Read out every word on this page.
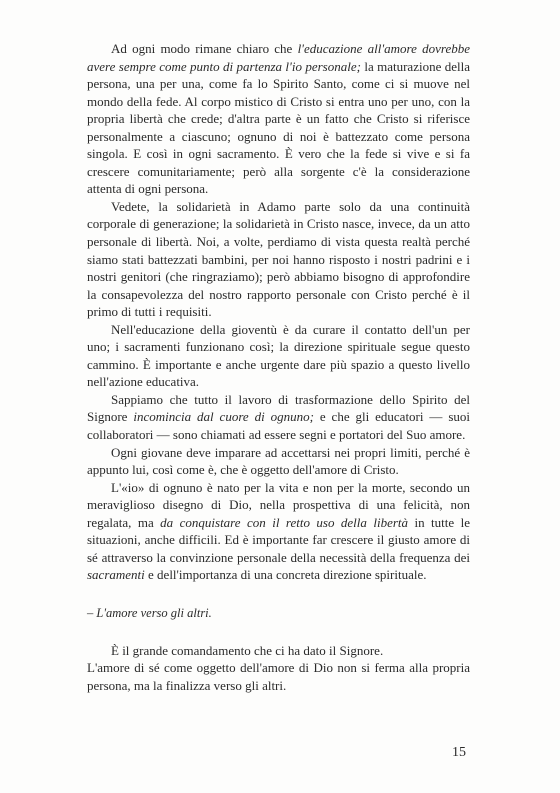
Ad ogni modo rimane chiaro che l'educazione all'amore dovrebbe avere sempre come punto di partenza l'io personale; la maturazione della persona, una per una, come fa lo Spirito Santo, come ci si muove nel mondo della fede. Al corpo mistico di Cristo si entra uno per uno, con la propria libertà che crede; d'altra parte è un fatto che Cristo si riferisce personalmente a ciascuno; ognuno di noi è battezzato come persona singola. E così in ogni sacramento. È vero che la fede si vive e si fa crescere comunitariamente; però alla sorgente c'è la considerazione attenta di ogni persona.

Vedete, la solidarietà in Adamo parte solo da una continuità corporale di generazione; la solidarietà in Cristo nasce, invece, da un atto personale di libertà. Noi, a volte, perdiamo di vista questa realtà perché siamo stati battezzati bambini, per noi hanno risposto i nostri padrini e i nostri genitori (che ringraziamo); però abbiamo bisogno di approfondire la consapevolezza del nostro rapporto personale con Cristo perché è il primo di tutti i requisiti.

Nell'educazione della gioventù è da curare il contatto dell'un per uno; i sacramenti funzionano così; la direzione spirituale segue questo cammino. È importante e anche urgente dare più spazio a questo livello nell'azione educativa.

Sappiamo che tutto il lavoro di trasformazione dello Spirito del Signore incomincia dal cuore di ognuno; e che gli educatori — suoi collaboratori — sono chiamati ad essere segni e portatori del Suo amore.

Ogni giovane deve imparare ad accettarsi nei propri limiti, perché è appunto lui, così come è, che è oggetto dell'amore di Cristo.

L'«io» di ognuno è nato per la vita e non per la morte, secondo un meraviglioso disegno di Dio, nella prospettiva di una felicità, non regalata, ma da conquistare con il retto uso della libertà in tutte le situazioni, anche difficili. Ed è importante far crescere il giusto amore di sé attraverso la convinzione personale della necessità della frequenza dei sacramenti e dell'importanza di una concreta direzione spirituale.

– L'amore verso gli altri.

È il grande comandamento che ci ha dato il Signore.

L'amore di sé come oggetto dell'amore di Dio non si ferma alla propria persona, ma la finalizza verso gli altri.

15
